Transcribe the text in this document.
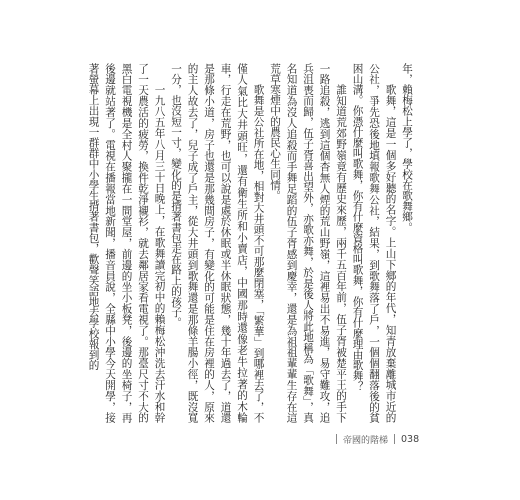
年，賴梅松上學了，學校在歌舞鄉。

歌舞，這是一個多好聽的名字。上山下鄉的年代，知青放棄離城市近的公社，爭先恐後地填報歌舞公社，結果，到歌舞落了戶，一個個翻落後的貧困山溝。你憑什麼叫歌舞，你有什麼資格叫歌舞，你有什麼理由歌舞？

誰知道荒郊野嶺竟有歷史來歷，兩千五百年前，伍子胥被楚平王的手下一路追殺，逃到這個杳無人煙的荒山野嶺，這裡易出不易進，易守難攻，追兵沮喪而歸，伍子胥喜出望外，亦歌亦舞，於是後人將此地稱為「歌舞」，真名知道為沒人追殺而手舞足蹈的伍子胥感到慶幸，還是為祖祖輩輩生存在這荒草寒煙中的農民心生同情。

歌舞是公社所在地，相對大井頭不可那麼閉塞，「繁華」到哪裡去了，不僅人氣比大井頭旺，還有衛生所和小賣店，中國那時還像老牛拉著的木輪車，行走在荒野，也可以說是處於休眠或半休眠狀態，幾十年過去了，道還是那條小道，房子也還是那幾間房子，有變化的可能是住在房裡的人，原來的主人故去了，兒子成了戶主，從大井頭到歌舞還是那條羊腸小徑，既沒寬一分，也沒短一寸，變化的是揹著書包走在路上的孩子。

一九八五年八月三十日晚上，在歌舞讀完初中的賴梅松沖洗去汗水和幹了一天農活的疲勞，換件乾淨襯衫，就去鄰居家看電視了。那臺尺寸不大的黑白電視機是全村人聚攏在一間堂屋，前邊的坐小板凳，後邊的坐椅子，再後邊就站著了。電視在播報當地新聞，播音員說，全縣中小學今天開學，接著螢幕上出現一群群中小學生揹著書包，歡聲笑語地去學校報到的

帝國的階梯 038
